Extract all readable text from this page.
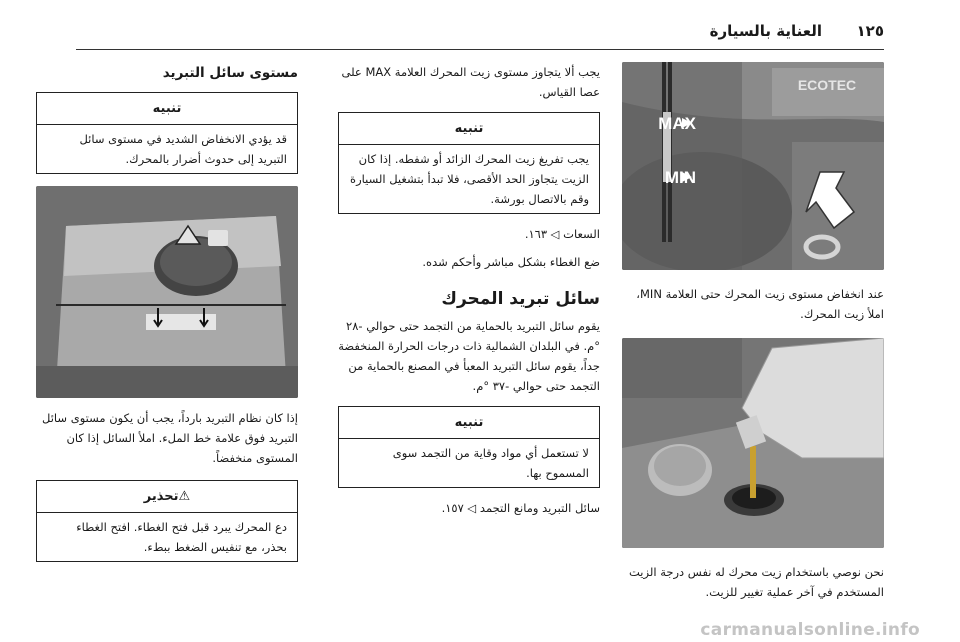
١٢٥
العناية بالسيارة
ECOTEC
MAX
MIN

عند انخفاض مستوى زيت المحرك حتى العلامة MIN، املأ زيت المحرك.

نحن نوصي باستخدام زيت محرك له نفس درجة الزيت المستخدم في آخر عملية تغيير للزيت.

يجب ألا يتجاوز مستوى زيت المحرك العلامة MAX على عصا القياس.

تنبيه
يجب تفريغ زيت المحرك الزائد أو شفطه. إذا كان الزيت يتجاوز الحد الأقصى، فلا تبدأ بتشغيل السيارة وقم بالاتصال بورشة.

السعات ◁ ١٦٣.

ضع الغطاء بشكل مباشر وأحكم شده.

سائل تبريد المحرك

يقوم سائل التبريد بالحماية من التجمد حتى حوالي -٢٨ °م. في البلدان الشمالية ذات درجات الحرارة المنخفضة جداً، يقوم سائل التبريد المعبأ في المصنع بالحماية من التجمد حتى حوالي -٣٧ °م.

تنبيه
لا تستعمل أي مواد وقاية من التجمد سوى المسموح بها.

سائل التبريد ومانع التجمد ◁ ١٥٧.

مستوى سائل التبريد
تنبيه
قد يؤدي الانخفاض الشديد في مستوى سائل التبريد إلى حدوث أضرار بالمحرك.

إذا كان نظام التبريد بارداً، يجب أن يكون مستوى سائل التبريد فوق علامة خط الملء. املأ السائل إذا كان المستوى منخفضاً.

⚠تحذير
دع المحرك يبرد قبل فتح الغطاء. افتح الغطاء بحذر، مع تنفيس الضغط ببطء.
carmanualsonline.info
